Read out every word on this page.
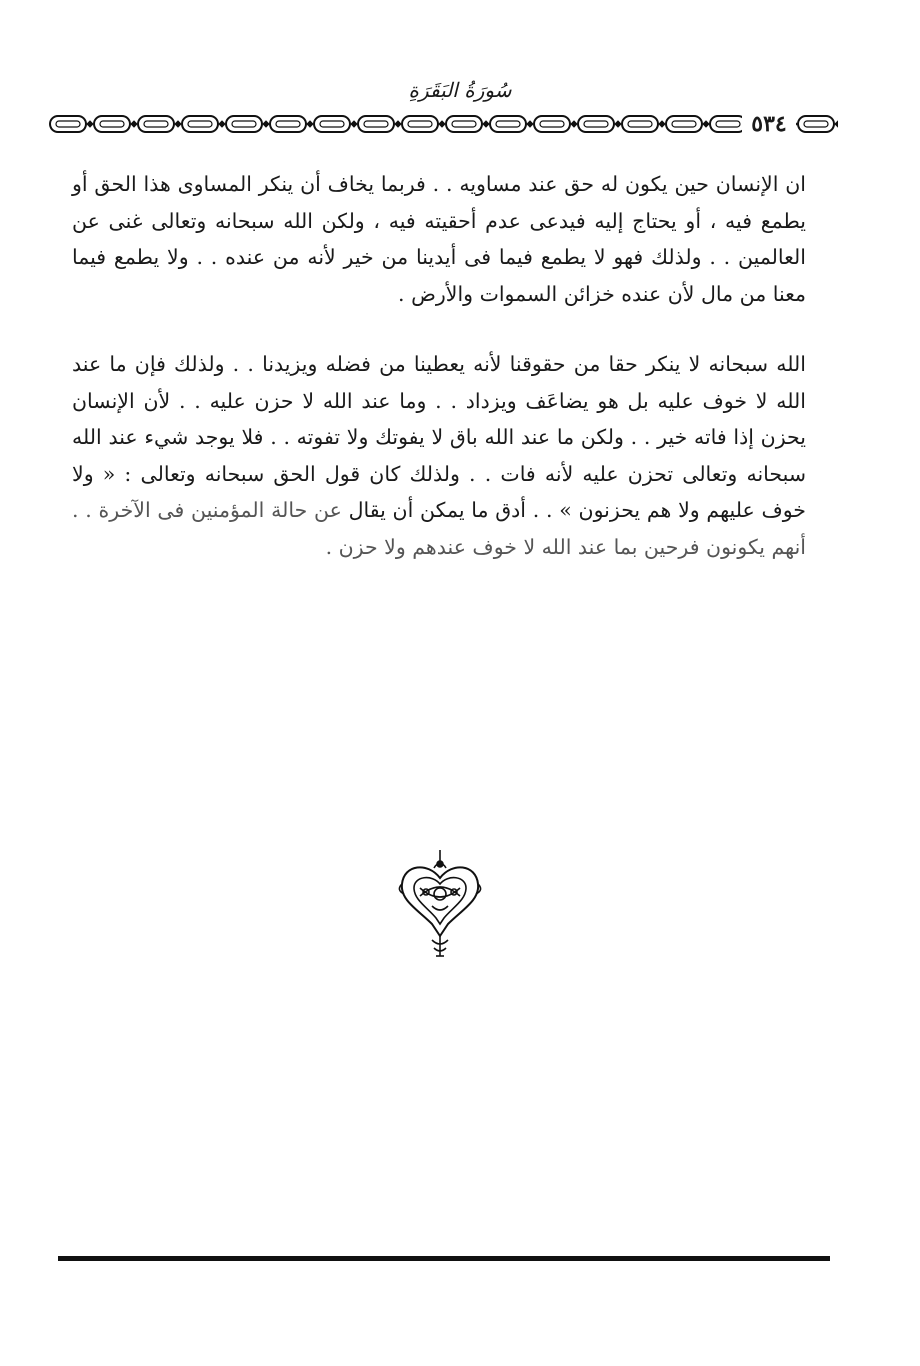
سُورَةُ البَقَرَةِ
٥٣٤
ان الإنسان حين يكون له حق عند مساويه . . فربما يخاف أن ينكر المساوى هذا الحق أو يطمع فيه ، أو يحتاج إليه فيدعى عدم أحقيته فيه ، ولكن الله سبحانه وتعالى غنى عن العالمين . . ولذلك فهو لا يطمع فيما فى أيدينا من خير لأنه من عنده . . ولا يطمع فيما معنا من مال لأن عنده خزائن السموات والأرض .
الله سبحانه لا ينكر حقا من حقوقنا لأنه يعطينا من فضله ويزيدنا . . ولذلك فإن ما عند الله لا خوف عليه بل هو يضاعَف ويزداد . . وما عند الله لا حزن عليه . . لأن الإنسان يحزن إذا فاته خير . . ولكن ما عند الله باق لا يفوتك ولا تفوته . . فلا يوجد شيء عند الله سبحانه وتعالى تحزن عليه لأنه فات . . ولذلك كان قول الحق سبحانه وتعالى : « ولا خوف عليهم ولا هم يحزنون » . . أدق ما يمكن أن يقال عن حالة المؤمنين فى الآخرة . . أنهم يكونون فرحين بما عند الله لا خوف عندهم ولا حزن .
